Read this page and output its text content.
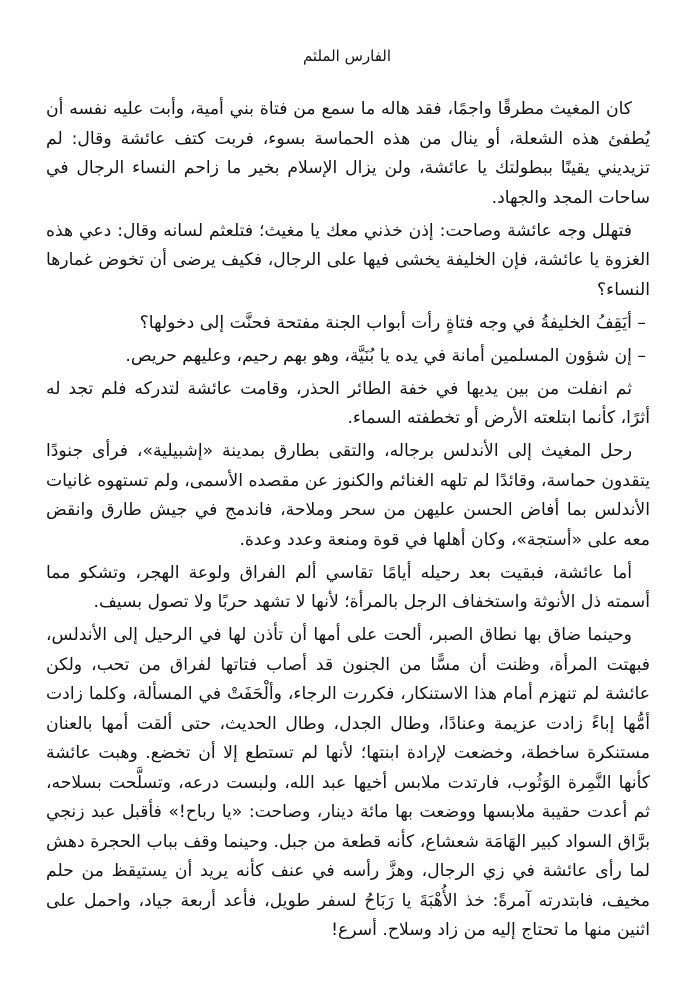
الفارس الملثم

كان المغيث مطرقًا واجمًا، فقد هاله ما سمع من فتاة بني أمية، وأبت عليه نفسه أن يُطفئ هذه الشعلة، أو ينال من هذه الحماسة بسوء، فربت كتف عائشة وقال: لم تزيديني يقينًا ببطولتك يا عائشة، ولن يزال الإسلام بخير ما زاحم النساء الرجال في ساحات المجد والجهاد.

فتهلل وجه عائشة وصاحت: إذن خذني معك يا مغيث؛ فتلعثم لسانه وقال: دعي هذه الغزوة يا عائشة، فإن الخليفة يخشى فيها على الرجال، فكيف يرضى أن تخوض غمارها النساء؟

– أيَقِفُ الخليفةُ في وجه فتاةٍ رأت أبواب الجنة مفتحة فحنَّت إلى دخولها؟

– إن شؤون المسلمين أمانة في يده يا بُنَيَّة، وهو بهم رحيم، وعليهم حريص.

ثم انفلت من بين يديها في خفة الطائر الحذر، وقامت عائشة لتدركه فلم تجد له أثرًا، كأنما ابتلعته الأرض أو تخطفته السماء.

رحل المغيث إلى الأندلس برجاله، والتقى بطارق بمدينة «إشبيلية»، فرأى جنودًا يتقدون حماسة، وقائدًا لم تلهه الغنائم والكنوز عن مقصده الأسمى، ولم تستهوه غانيات الأندلس بما أفاض الحسن عليهن من سحر وملاحة، فاندمج في جيش طارق وانقض معه على «أستجة»، وكان أهلها في قوة ومنعة وعدد وعدة.

أما عائشة، فبقيت بعد رحيله أيامًا تقاسي ألم الفراق ولوعة الهجر، وتشكو مما أسمته ذل الأنوثة واستخفاف الرجل بالمرأة؛ لأنها لا تشهد حربًا ولا تصول بسيف.

وحينما ضاق بها نطاق الصبر، ألحت على أمها أن تأذن لها في الرحيل إلى الأندلس، فبهتت المرأة، وظنت أن مسًّا من الجنون قد أصاب فتاتها لفراق من تحب، ولكن عائشة لم تنهزم أمام هذا الاستنكار، فكررت الرجاء، وألْحَفَتْ في المسألة، وكلما زادت أمُّها إباءً زادت عزيمة وعنادًا، وطال الجدل، وطال الحديث، حتى ألقت أمها بالعنان مستنكرة ساخطة، وخضعت لإرادة ابنتها؛ لأنها لم تستطع إلا أن تخضع. وهبت عائشة كأنها النَّمِرة الوَثُوب، فارتدت ملابس أخيها عبد الله، ولبست درعه، وتسلَّحت بسلاحه، ثم أعدت حقيبة ملابسها ووضعت بها مائة دينار، وصاحت: «يا رباح!» فأقبل عبد زنجي برَّاق السواد كبير الهَامَة شعشاع، كأنه قطعة من جبل. وحينما وقف بباب الحجرة دهش لما رأى عائشة في زي الرجال، وهزَّ رأسه في عنف كأنه يريد أن يستيقظ من حلم مخيف، فابتدرته آمرةً: خذ الأُهْبَةَ يا رَبَاحُ لسفر طويل، فأعد أربعة جياد، واحمل على اثنين منها ما تحتاج إليه من زاد وسلاح. أسرع!
